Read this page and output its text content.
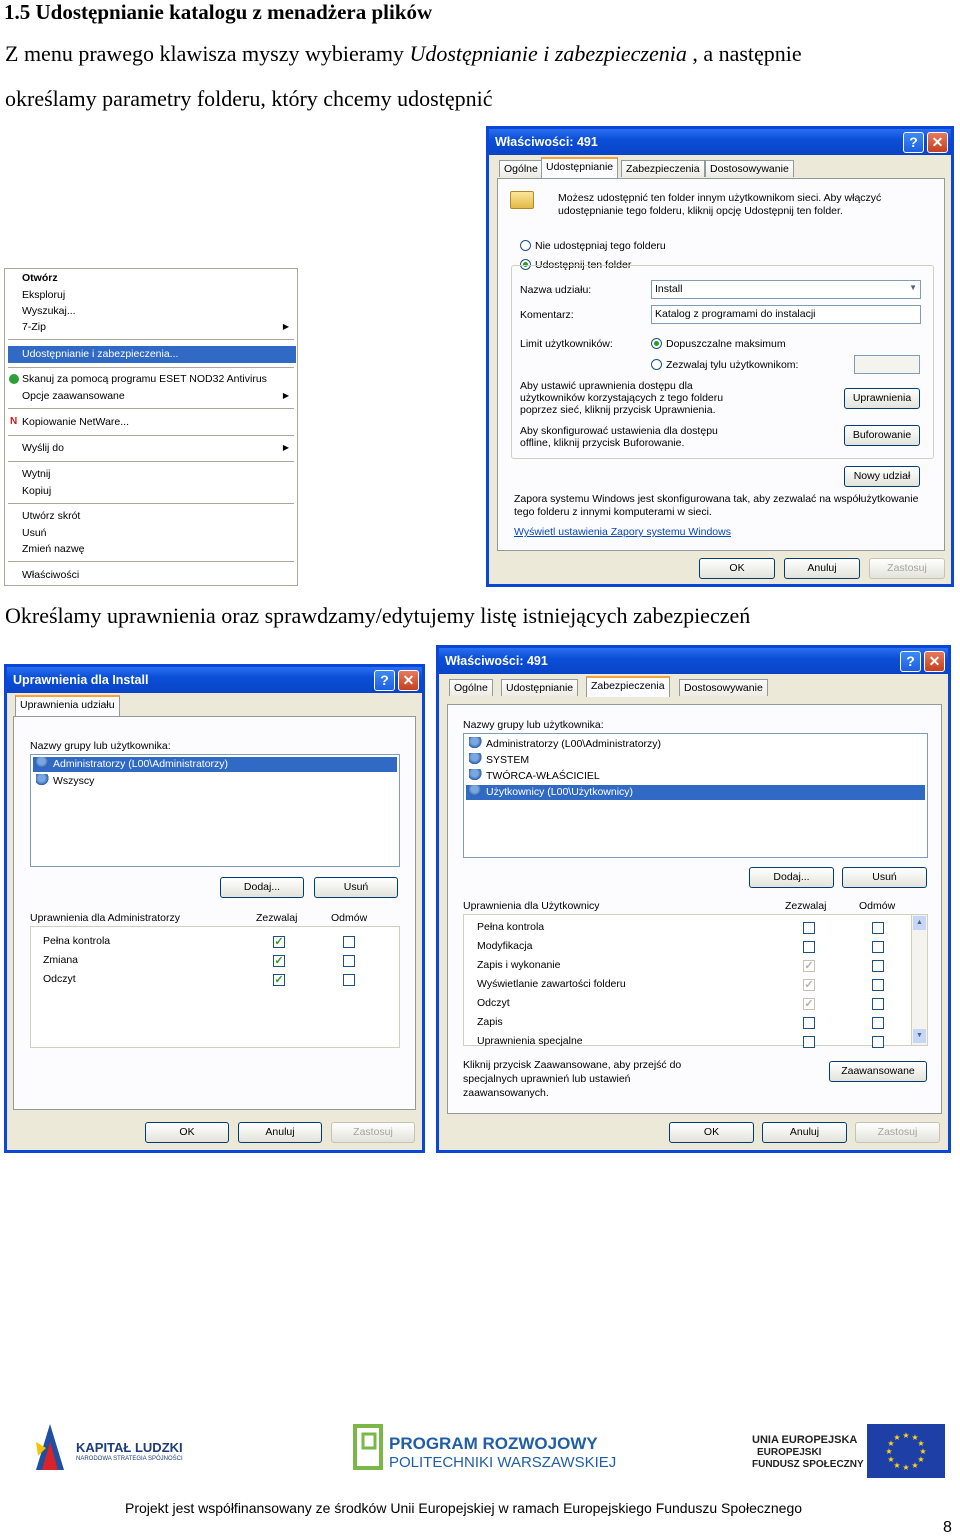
1.5 Udostępnianie katalogu z menadżera plików
Z menu prawego klawisza myszy wybieramy Udostępnianie i zabezpieczenia , a następnie
określamy parametry folderu, który chcemy udostępnić
Otwórz
Eksploruj
Wyszukaj...
7-Zip	▶
Udostępnianie i zabezpieczenia...
Skanuj za pomocą programu ESET NOD32 Antivirus
Opcje zaawansowane	▶
N Kopiowanie NetWare...
Wyślij do	▶
Wytnij
Kopiuj
Utwórz skrót
Usuń
Zmień nazwę
Właściwości
Właściwości: 491	? ✕
Ogólne Udostępnianie	Zabezpieczenia Dostosowywanie
Możesz udostępnić ten folder innym użytkownikom sieci. Aby włączyć
udostępnianie tego folderu, kliknij opcję Udostępnij ten folder.
Nie udostępniaj tego folderu
Udostępnij ten folder
Nazwa udziału:	Install	▼
Komentarz:	Katalog z programami do instalacji
Limit użytkowników:	Dopuszczalne maksimum
Zezwalaj tylu użytkownikom:
Aby ustawić uprawnienia dostępu dla
użytkowników korzystających z tego folderu
poprzez sieć, kliknij przycisk Uprawnienia.
Uprawnienia
Aby skonfigurować ustawienia dla dostępu
offline, kliknij przycisk Buforowanie.
Buforowanie
Nowy udział
Zapora systemu Windows jest skonfigurowana tak, aby zezwalać na współużytkowanie
tego folderu z innymi komputerami w sieci.
Wyświetl ustawienia Zapory systemu Windows
OK	Anuluj	Zastosuj
Określamy uprawnienia oraz sprawdzamy/edytujemy listę istniejących zabezpieczeń
Uprawnienia dla Install	? ✕
Uprawnienia udziału
Nazwy grupy lub użytkownika:
Administratorzy (L00\Administratorzy)
Wszyscy
Dodaj...	Usuń
Uprawnienia dla Administratorzy	Zezwalaj	Odmów
Pełna kontrola	✓
Zmiana	✓
Odczyt	✓
OK	Anuluj	Zastosuj
Właściwości: 491	? ✕
Ogólne	Udostępnianie	Zabezpieczenia	Dostosowywanie
Nazwy grupy lub użytkownika:
Administratorzy (L00\Administratorzy)
SYSTEM
TWÓRCA-WŁAŚCICIEL
Użytkownicy (L00\Użytkownicy)
Dodaj...	Usuń
Uprawnienia dla Użytkownicy	Zezwalaj	Odmów
Pełna kontrola
Modyfikacja
Zapis i wykonanie	✓
Wyświetlanie zawartości folderu	✓
Odczyt	✓
Zapis
Uprawnienia specjalne
▲
▼
Kliknij przycisk Zaawansowane, aby przejść do
specjalnych uprawnień lub ustawień
zaawansowanych.
Zaawansowane
OK	Anuluj	Zastosuj
KAPITAŁ LUDZKI
NARODOWA STRATEGIA SPÓJNOŚCI
PROGRAM ROZWOJOWY
POLITECHNIKI WARSZAWSKIEJ
UNIA EUROPEJSKA
EUROPEJSKI
FUNDUSZ SPOŁECZNY
★ ★
★
★
★
★
★
★
★
★
★
★
Projekt jest współfinansowany ze środków Unii Europejskiej w ramach Europejskiego Funduszu Społecznego
8
